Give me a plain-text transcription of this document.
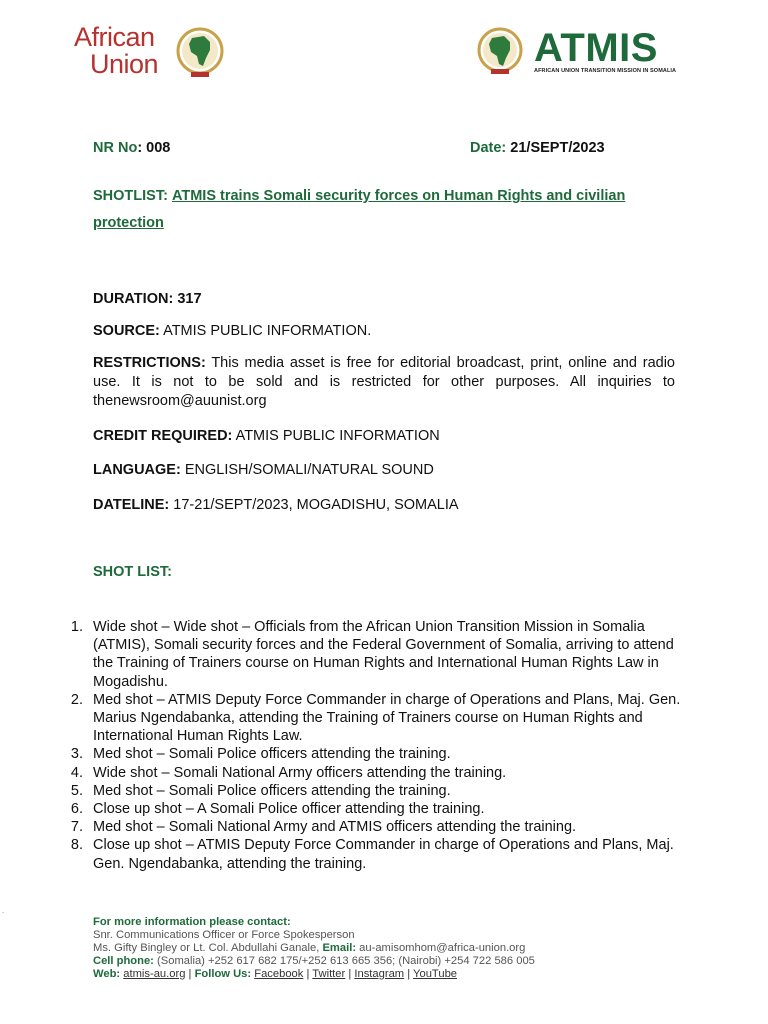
African
Union	ATMIS
AFRICAN UNION TRANSITION MISSION IN SOMALIA
NR No: 008	Date: 21/SEPT/2023
SHOTLIST: ATMIS trains Somali security forces on Human Rights and civilian protection
DURATION: 317
SOURCE: ATMIS PUBLIC INFORMATION.
RESTRICTIONS: This media asset is free for editorial broadcast, print, online and radio use. It is not to be sold and is restricted for other purposes. All inquiries to thenewsroom@auunist.org
CREDIT REQUIRED: ATMIS PUBLIC INFORMATION
LANGUAGE: ENGLISH/SOMALI/NATURAL SOUND
DATELINE: 17-21/SEPT/2023, MOGADISHU, SOMALIA
SHOT LIST:
1. Wide shot – Wide shot – Officials from the African Union Transition Mission in Somalia (ATMIS), Somali security forces and the Federal Government of Somalia, arriving to attend the Training of Trainers course on Human Rights and International Human Rights Law in Mogadishu.
2. Med shot – ATMIS Deputy Force Commander in charge of Operations and Plans, Maj. Gen. Marius Ngendabanka, attending the Training of Trainers course on Human Rights and International Human Rights Law.
3. Med shot – Somali Police officers attending the training.
4. Wide shot – Somali National Army officers attending the training.
5. Med shot – Somali Police officers attending the training.
6. Close up shot – A Somali Police officer attending the training.
7. Med shot – Somali National Army and ATMIS officers attending the training.
8. Close up shot – ATMIS Deputy Force Commander in charge of Operations and Plans, Maj. Gen. Ngendabanka, attending the training.
.
For more information please contact:
Snr. Communications Officer or Force Spokesperson
Ms. Gifty Bingley or Lt. Col. Abdullahi Ganale, Email: au-amisomhom@africa-union.org
Cell phone: (Somalia) +252 617 682 175/+252 613 665 356; (Nairobi) +254 722 586 005
Web: atmis-au.org | Follow Us: Facebook | Twitter | Instagram | YouTube
